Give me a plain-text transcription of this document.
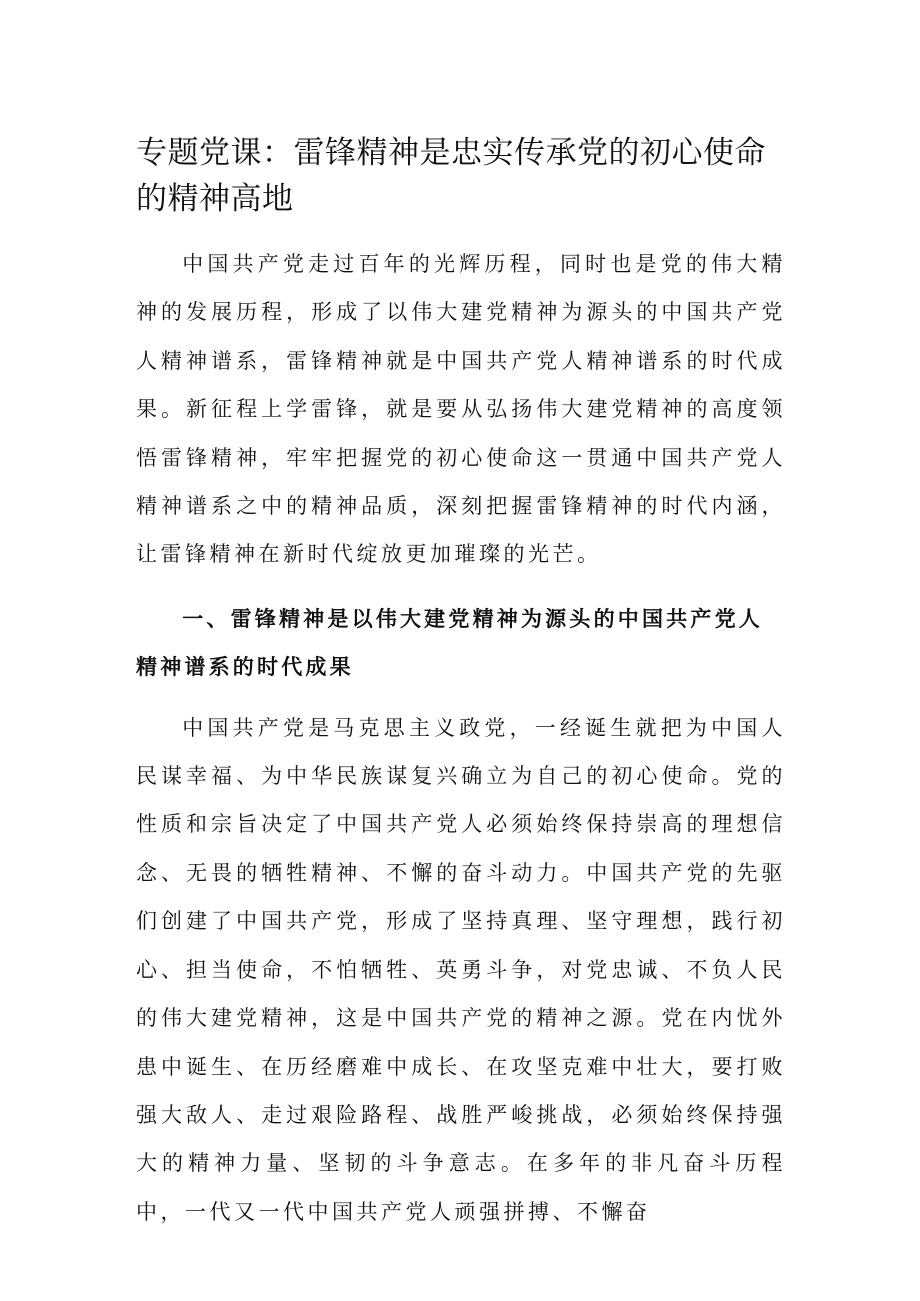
专题党课：雷锋精神是忠实传承党的初心使命的精神高地

中国共产党走过百年的光辉历程，同时也是党的伟大精神的发展历程，形成了以伟大建党精神为源头的中国共产党人精神谱系，雷锋精神就是中国共产党人精神谱系的时代成果。新征程上学雷锋，就是要从弘扬伟大建党精神的高度领悟雷锋精神，牢牢把握党的初心使命这一贯通中国共产党人精神谱系之中的精神品质，深刻把握雷锋精神的时代内涵，让雷锋精神在新时代绽放更加璀璨的光芒。

一、雷锋精神是以伟大建党精神为源头的中国共产党人精神谱系的时代成果

中国共产党是马克思主义政党，一经诞生就把为中国人民谋幸福、为中华民族谋复兴确立为自己的初心使命。党的性质和宗旨决定了中国共产党人必须始终保持崇高的理想信念、无畏的牺牲精神、不懈的奋斗动力。中国共产党的先驱们创建了中国共产党，形成了坚持真理、坚守理想，践行初心、担当使命，不怕牺牲、英勇斗争，对党忠诚、不负人民的伟大建党精神，这是中国共产党的精神之源。党在内忧外患中诞生、在历经磨难中成长、在攻坚克难中壮大，要打败强大敌人、走过艰险路程、战胜严峻挑战，必须始终保持强大的精神力量、坚韧的斗争意志。在多年的非凡奋斗历程中，一代又一代中国共产党人顽强拼搏、不懈奋
